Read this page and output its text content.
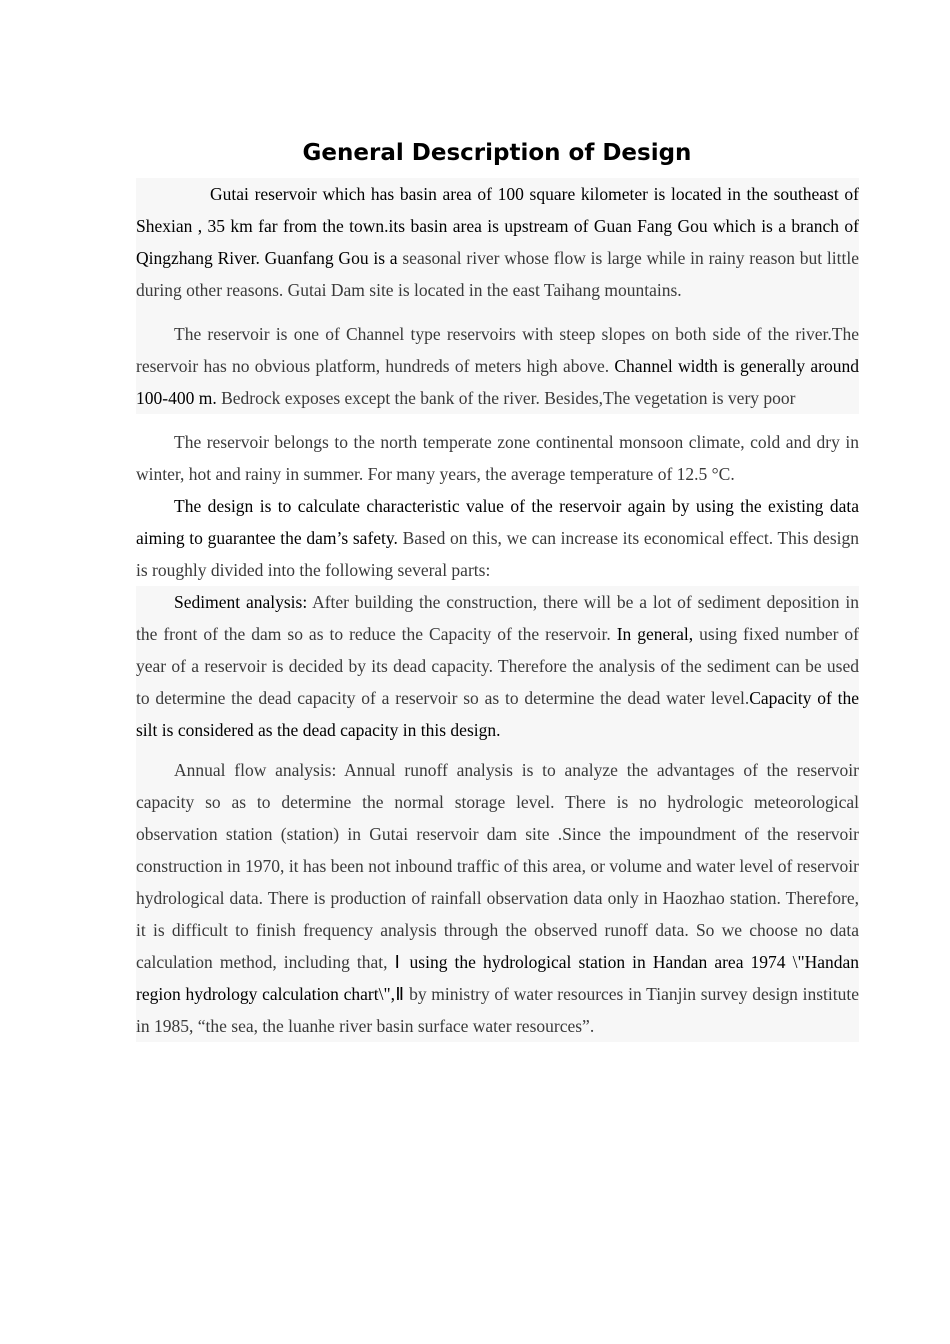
General Description of Design

Gutai reservoir which has basin area of 100 square kilometer is located in the southeast of Shexian , 35 km far from the town.its basin area is upstream of Guan Fang Gou which is a branch of Qingzhang River. Guanfang Gou is a seasonal river whose flow is large while in rainy reason but little during other reasons. Gutai Dam site is located in the east Taihang mountains.

The reservoir is one of Channel type reservoirs with steep slopes on both side of the river.The reservoir has no obvious platform, hundreds of meters high above. Channel width is generally around 100-400 m. Bedrock exposes except the bank of the river. Besides,The vegetation is very poor

The reservoir belongs to the north temperate zone continental monsoon climate, cold and dry in winter, hot and rainy in summer. For many years, the average temperature of 12.5 °C.

The design is to calculate characteristic value of the reservoir again by using the existing data aiming to guarantee the dam’s safety. Based on this, we can increase its economical effect. This design is roughly divided into the following several parts:

Sediment analysis: After building the construction, there will be a lot of sediment deposition in the front of the dam so as to reduce the Capacity of the reservoir. In general, using fixed number of year of a reservoir is decided by its dead capacity. Therefore the analysis of the sediment can be used to determine the dead capacity of a reservoir so as to determine the dead water level.Capacity of the silt is considered as the dead capacity in this design.

Annual flow analysis: Annual runoff analysis is to analyze the advantages of the reservoir capacity so as to determine the normal storage level. There is no hydrologic meteorological observation station (station) in Gutai reservoir dam site .Since the impoundment of the reservoir construction in 1970, it has been not inbound traffic of this area, or volume and water level of reservoir hydrological data. There is production of rainfall observation data only in Haozhao station. Therefore, it is difficult to finish frequency analysis through the observed runoff data. So we choose no data calculation method, including that, Ⅰ using the hydrological station in Handan area 1974 \"Handan region hydrology calculation chart\",Ⅱ by ministry of water resources in Tianjin survey design institute in 1985, “the sea, the luanhe river basin surface water resources”.
